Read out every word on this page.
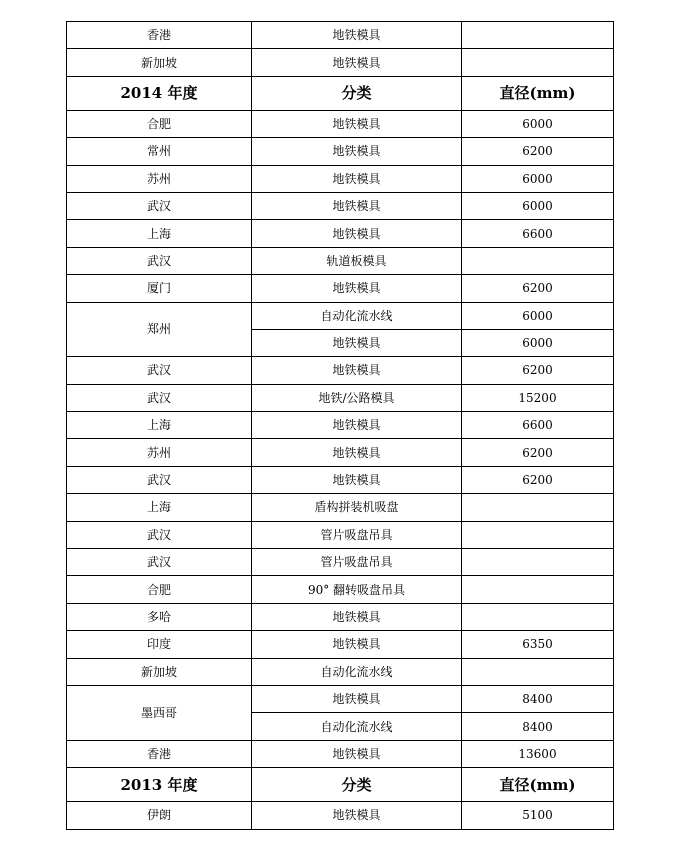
香港	地铁模具	
新加坡	地铁模具	
2014 年度	分类	直径(mm)
合肥	地铁模具	6000
常州	地铁模具	6200
苏州	地铁模具	6000
武汉	地铁模具	6000
上海	地铁模具	6600
武汉	轨道板模具	
厦门	地铁模具	6200
郑州	自动化流水线	6000
	地铁模具	6000
武汉	地铁模具	6200
武汉	地铁/公路模具	15200
上海	地铁模具	6600
苏州	地铁模具	6200
武汉	地铁模具	6200
上海	盾构拼装机吸盘	
武汉	管片吸盘吊具	
武汉	管片吸盘吊具	
合肥	90° 翻转吸盘吊具	
多哈	地铁模具	
印度	地铁模具	6350
新加坡	自动化流水线	
墨西哥	地铁模具	8400
	自动化流水线	8400
香港	地铁模具	13600
2013 年度	分类	直径(mm)
伊朗	地铁模具	5100
